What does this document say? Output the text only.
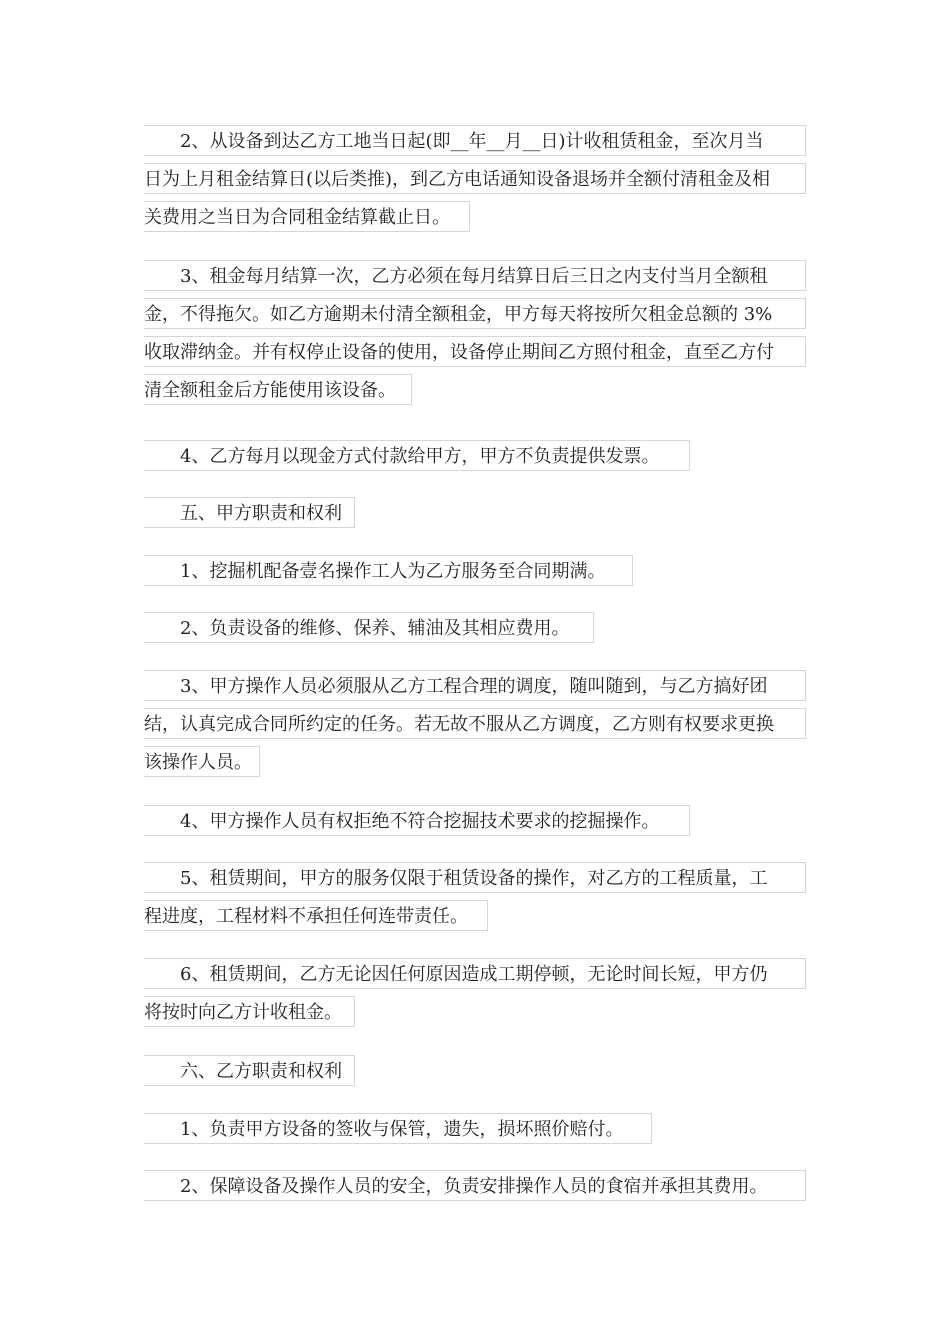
2、从设备到达乙方工地当日起(即__年__月__日)计收租赁租金，至次月当
日为上月租金结算日(以后类推)，到乙方电话通知设备退场并全额付清租金及相
关费用之当日为合同租金结算截止日。
3、租金每月结算一次，乙方必须在每月结算日后三日之内支付当月全额租
金，不得拖欠。如乙方逾期未付清全额租金，甲方每天将按所欠租金总额的 3%
收取滞纳金。并有权停止设备的使用，设备停止期间乙方照付租金，直至乙方付
清全额租金后方能使用该设备。
4、乙方每月以现金方式付款给甲方，甲方不负责提供发票。
五、甲方职责和权利
1、挖掘机配备壹名操作工人为乙方服务至合同期满。
2、负责设备的维修、保养、辅油及其相应费用。
3、甲方操作人员必须服从乙方工程合理的调度，随叫随到，与乙方搞好团
结，认真完成合同所约定的任务。若无故不服从乙方调度，乙方则有权要求更换
该操作人员。
4、甲方操作人员有权拒绝不符合挖掘技术要求的挖掘操作。
5、租赁期间，甲方的服务仅限于租赁设备的操作，对乙方的工程质量，工
程进度，工程材料不承担任何连带责任。
6、租赁期间，乙方无论因任何原因造成工期停顿，无论时间长短，甲方仍
将按时向乙方计收租金。
六、乙方职责和权利
1、负责甲方设备的签收与保管，遗失，损坏照价赔付。
2、保障设备及操作人员的安全，负责安排操作人员的食宿并承担其费用。
